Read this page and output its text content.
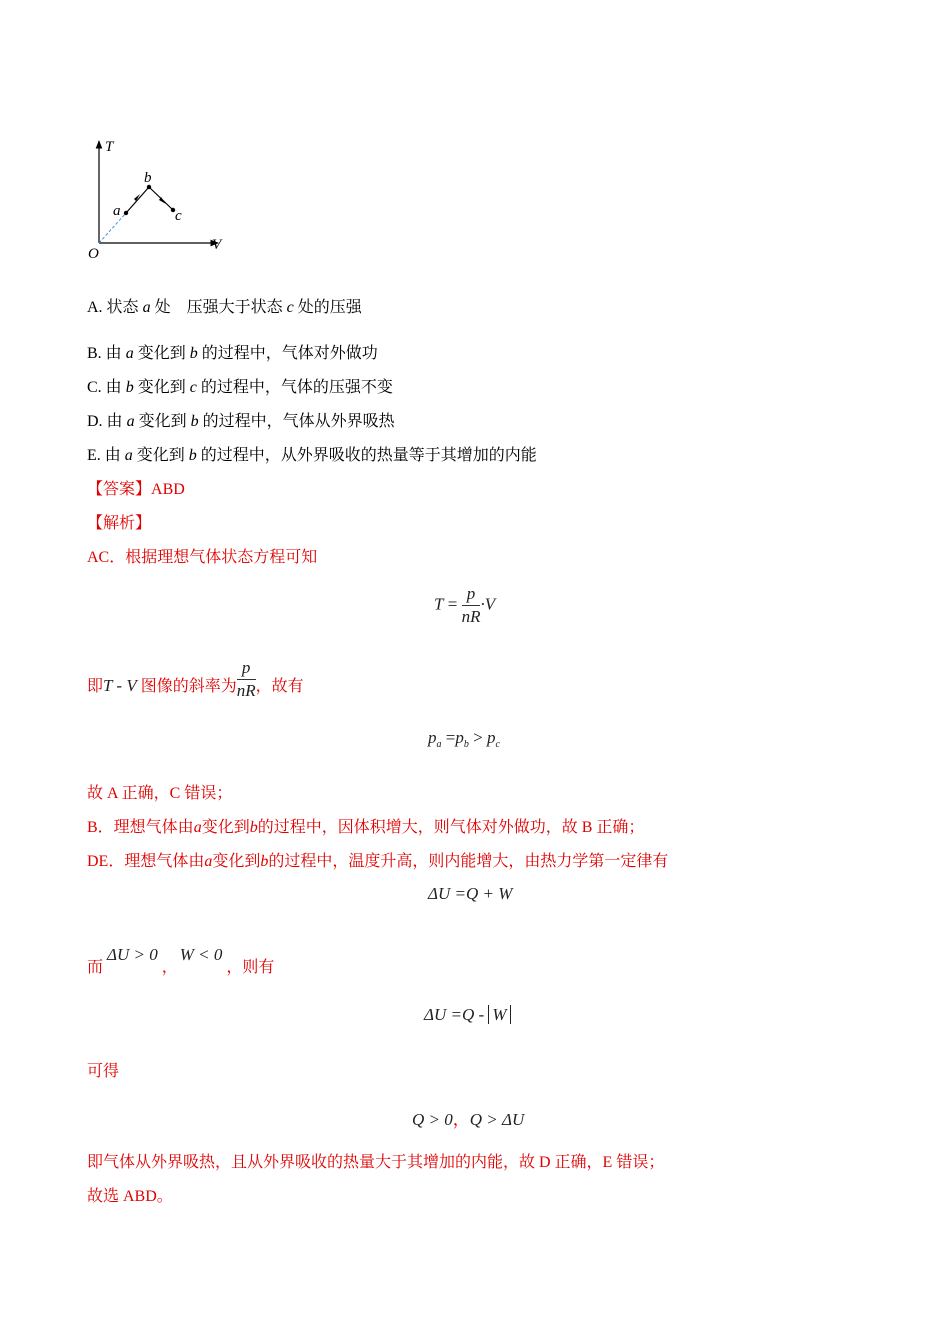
T
V
O
a
b
c
A. 状态 a 处 压强大于状态 c 处的压强
B. 由 a 变化到 b 的过程中，气体对外做功
C. 由 b 变化到 c 的过程中，气体的压强不变
D. 由 a 变化到 b 的过程中，气体从外界吸热
E. 由 a 变化到 b 的过程中，从外界吸收的热量等于其增加的内能
【答案】ABD
【解析】
AC．根据理想气体状态方程可知
$T = \frac{p}{nR} \cdot V$
即T - V 图像的斜率为 $\frac{p}{nR}$ ，故有
$p_a =p_b > p_c$
故 A 正确，C 错误；
B．理想气体由a变化到b的过程中，因体积增大，则气体对外做功，故 B 正确；
DE．理想气体由a变化到b的过程中，温度升高，则内能增大，由热力学第一定律有
ΔU =Q + W
而ΔU > 0，W < 0，则有
ΔU =Q - W
可得
Q > 0，Q > ΔU
即气体从外界吸热，且从外界吸收的热量大于其增加的内能，故 D 正确，E 错误；
故选 ABD。
